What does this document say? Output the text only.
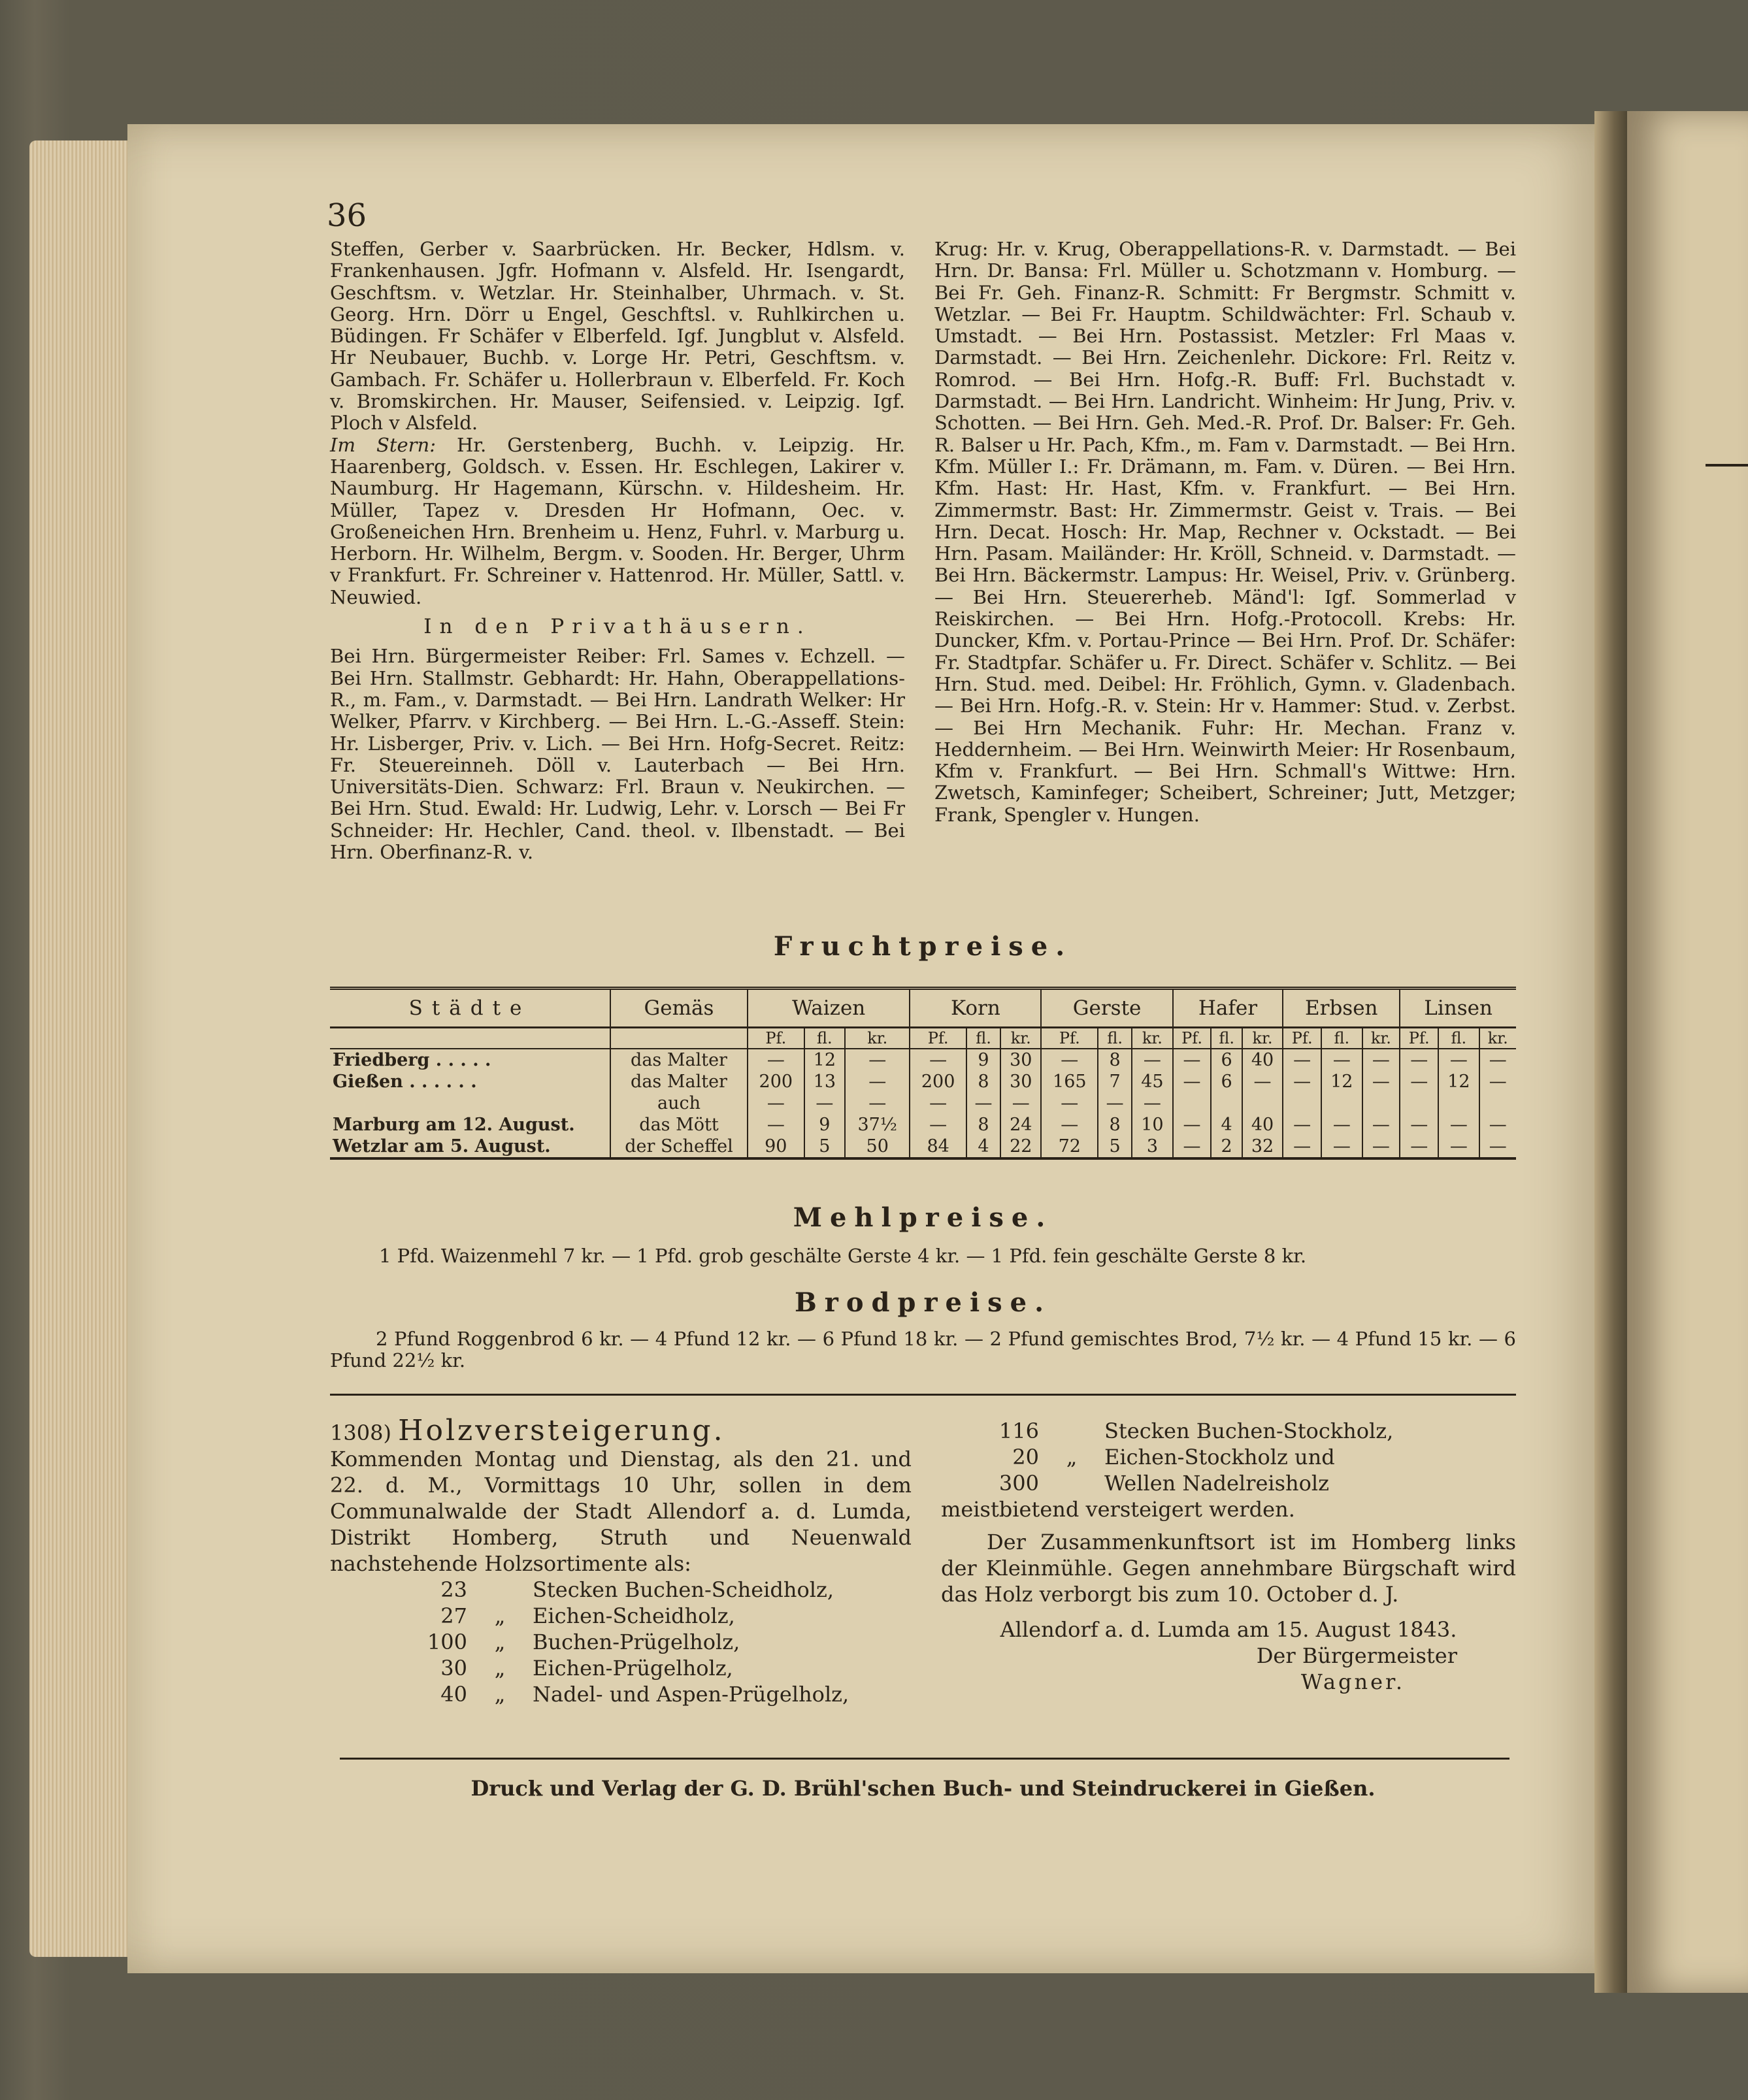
36

Steffen, Gerber v. Saarbrücken. Hr. Becker, Hdlsm. v. Frankenhausen. Jgfr. Hofmann v. Alsfeld. Hr. Isengardt, Geschftsm. v. Wetzlar. Hr. Steinhalber, Uhrmach. v. St. Georg. Hrn. Dörr u Engel, Geschftsl. v. Ruhlkirchen u. Büdingen. Fr Schäfer v Elberfeld. Igf. Jungblut v. Alsfeld. Hr Neubauer, Buchb. v. Lorge Hr. Petri, Geschftsm. v. Gambach. Fr. Schäfer u. Hollerbraun v. Elberfeld. Fr. Koch v. Bromskirchen. Hr. Mauser, Seifensied. v. Leipzig. Igf. Ploch v Alsfeld.

Im Stern: Hr. Gerstenberg, Buchh. v. Leipzig. Hr. Haarenberg, Goldsch. v. Essen. Hr. Eschlegen, Lakirer v. Naumburg. Hr Hagemann, Kürschn. v. Hildesheim. Hr. Müller, Tapez v. Dresden Hr Hofmann, Oec. v. Großeneichen Hrn. Brenheim u. Henz, Fuhrl. v. Marburg u. Herborn. Hr. Wilhelm, Bergm. v. Sooden. Hr. Berger, Uhrm v Frankfurt. Fr. Schreiner v. Hattenrod. Hr. Müller, Sattl. v. Neuwied.

In den Privathäusern.

Bei Hrn. Bürgermeister Reiber: Frl. Sames v. Echzell. — Bei Hrn. Stallmstr. Gebhardt: Hr. Hahn, Oberappellations-R., m. Fam., v. Darmstadt. — Bei Hrn. Landrath Welker: Hr Welker, Pfarrv. v Kirchberg. — Bei Hrn. L.-G.-Asseff. Stein: Hr. Lisberger, Priv. v. Lich. — Bei Hrn. Hofg-Secret. Reitz: Fr. Steuereinneh. Döll v. Lauterbach — Bei Hrn. Universitäts-Dien. Schwarz: Frl. Braun v. Neukirchen. — Bei Hrn. Stud. Ewald: Hr. Ludwig, Lehr. v. Lorsch — Bei Fr Schneider: Hr. Hechler, Cand. theol. v. Ilbenstadt. — Bei Hrn. Oberfinanz-R. v.

Krug: Hr. v. Krug, Oberappellations-R. v. Darmstadt. — Bei Hrn. Dr. Bansa: Frl. Müller u. Schotzmann v. Homburg. — Bei Fr. Geh. Finanz-R. Schmitt: Fr Bergmstr. Schmitt v. Wetzlar. — Bei Fr. Hauptm. Schildwächter: Frl. Schaub v. Umstadt. — Bei Hrn. Postassist. Metzler: Frl Maas v. Darmstadt. — Bei Hrn. Zeichenlehr. Dickore: Frl. Reitz v. Romrod. — Bei Hrn. Hofg.-R. Buff: Frl. Buchstadt v. Darmstadt. — Bei Hrn. Landricht. Winheim: Hr Jung, Priv. v. Schotten. — Bei Hrn. Geh. Med.-R. Prof. Dr. Balser: Fr. Geh. R. Balser u Hr. Pach, Kfm., m. Fam v. Darmstadt. — Bei Hrn. Kfm. Müller I.: Fr. Drämann, m. Fam. v. Düren. — Bei Hrn. Kfm. Hast: Hr. Hast, Kfm. v. Frankfurt. — Bei Hrn. Zimmermstr. Bast: Hr. Zimmermstr. Geist v. Trais. — Bei Hrn. Decat. Hosch: Hr. Map, Rechner v. Ockstadt. — Bei Hrn. Pasam. Mailänder: Hr. Kröll, Schneid. v. Darmstadt. — Bei Hrn. Bäckermstr. Lampus: Hr. Weisel, Priv. v. Grünberg. — Bei Hrn. Steuererheb. Mänd'l: Igf. Sommerlad v Reiskirchen. — Bei Hrn. Hofg.-Protocoll. Krebs: Hr. Duncker, Kfm. v. Portau-Prince — Bei Hrn. Prof. Dr. Schäfer: Fr. Stadtpfar. Schäfer u. Fr. Direct. Schäfer v. Schlitz. — Bei Hrn. Stud. med. Deibel: Hr. Fröhlich, Gymn. v. Gladenbach. — Bei Hrn. Hofg.-R. v. Stein: Hr v. Hammer: Stud. v. Zerbst. — Bei Hrn Mechanik. Fuhr: Hr. Mechan. Franz v. Heddernheim. — Bei Hrn. Weinwirth Meier: Hr Rosenbaum, Kfm v. Frankfurt. — Bei Hrn. Schmall's Wittwe: Hrn. Zwetsch, Kaminfeger; Scheibert, Schreiner; Jutt, Metzger; Frank, Spengler v. Hungen.

Fruchtpreise.
Städte	Gemäs	Waizen			Korn			Gerste			Hafer			Erbsen			Linsen		
		Pf.	fl.	kr.	Pf.	fl.	kr.	Pf.	fl.	kr.	Pf.	fl.	kr.	Pf.	fl.	kr.	Pf.	fl.	kr.
Friedberg . . . . .	das Malter	—	12	—	—	9	30	—	8	—	—	6	40	—	—	—	—	—	—
Gießen . . . . . .	das Malter	200	13	—	200	8	30	165	7	45	—	6	—	—	12	—	—	12	—
	auch	—	—	—	—	—	—	—	—	—									
Marburg am 12. August.	das Mött	—	9	37½	—	8	24	—	8	10	—	4	40	—	—	—	—	—	—
Wetzlar am 5. August.	der Scheffel	90	5	50	84	4	22	72	5	3	—	2	32	—	—	—	—	—	—
Mehlpreise.
1 Pfd. Waizenmehl 7 kr. — 1 Pfd. grob geschälte Gerste 4 kr. — 1 Pfd. fein geschälte Gerste 8 kr.
Brodpreise.
2 Pfund Roggenbrod 6 kr. — 4 Pfund 12 kr. — 6 Pfund 18 kr. — 2 Pfund gemischtes Brod, 7½ kr. — 4 Pfund 15 kr. — 6 Pfund 22½ kr.
1308) Holzversteigerung.
Kommenden Montag und Dienstag, als den 21. und 22. d. M., Vormittags 10 Uhr, sollen in dem Communalwalde der Stadt Allendorf a. d. Lumda, Distrikt Homberg, Struth und Neuenwald nachstehende Holzsortimente als:
23	Stecken Buchen-Scheidholz,
27	„	Eichen-Scheidholz,
100	„	Buchen-Prügelholz,
30	„	Eichen-Prügelholz,
40	„	Nadel- und Aspen-Prügelholz,
116	Stecken Buchen-Stockholz,
20	„	Eichen-Stockholz und
300	Wellen Nadelreisholz
meistbietend versteigert werden.
Der Zusammenkunftsort ist im Homberg links der Kleinmühle. Gegen annehmbare Bürgschaft wird das Holz verborgt bis zum 10. October d. J.
Allendorf a. d. Lumda am 15. August 1843.
Der Bürgermeister
Wagner.
Druck und Verlag der G. D. Brühl'schen Buch- und Steindruckerei in Gießen.
